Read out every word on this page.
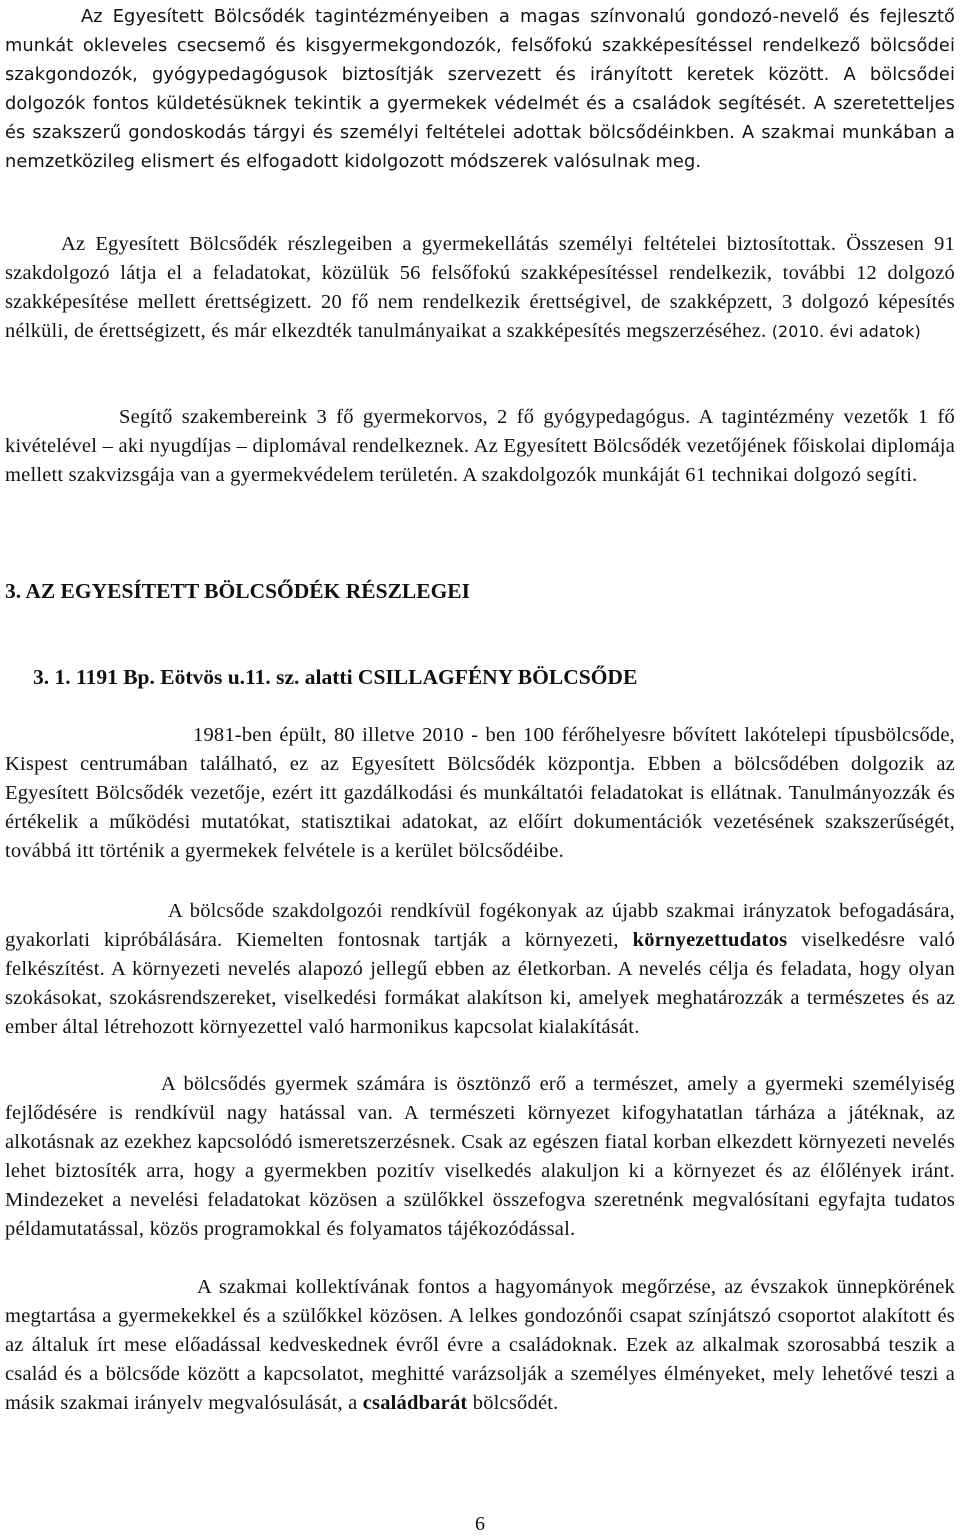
Az Egyesített Bölcsődék tagintézményeiben a magas színvonalú gondozó-nevelő és fejlesztő munkát okleveles csecsemő és kisgyermekgondozók, felsőfokú szakképesítéssel rendelkező bölcsődei szakgondozók, gyógypedagógusok biztosítják szervezett és irányított keretek között. A bölcsődei dolgozók fontos küldetésüknek tekintik a gyermekek védelmét és a családok segítését. A szeretetteljes és szakszerű gondoskodás tárgyi és személyi feltételei adottak bölcsődéinkben. A szakmai munkában a nemzetközileg elismert és elfogadott kidolgozott módszerek valósulnak meg.

Az Egyesített Bölcsődék részlegeiben a gyermekellátás személyi feltételei biztosítottak. Összesen 91 szakdolgozó látja el a feladatokat, közülük 56 felsőfokú szakképesítéssel rendelkezik, további 12 dolgozó szakképesítése mellett érettségizett. 20 fő nem rendelkezik érettségivel, de szakképzett, 3 dolgozó képesítés nélküli, de érettségizett, és már elkezdték tanulmányaikat a szakképesítés megszerzéséhez. (2010. évi adatok)

Segítő szakembereink 3 fő gyermekorvos, 2 fő gyógypedagógus. A tagintézmény vezetők 1 fő kivételével – aki nyugdíjas – diplomával rendelkeznek. Az Egyesített Bölcsődék vezetőjének főiskolai diplomája mellett szakvizsgája van a gyermekvédelem területén. A szakdolgozók munkáját 61 technikai dolgozó segíti.

3. AZ EGYESÍTETT BÖLCSŐDÉK RÉSZLEGEI
3. 1. 1191 Bp. Eötvös u.11. sz. alatti CSILLAGFÉNY BÖLCSŐDE

1981-ben épült, 80 illetve 2010 - ben 100 férőhelyesre bővített lakótelepi típusbölcsőde, Kispest centrumában található, ez az Egyesített Bölcsődék központja. Ebben a bölcsődében dolgozik az Egyesített Bölcsődék vezetője, ezért itt gazdálkodási és munkáltatói feladatokat is ellátnak. Tanulmányozzák és értékelik a működési mutatókat, statisztikai adatokat, az előírt dokumentációk vezetésének szakszerűségét, továbbá itt történik a gyermekek felvétele is a kerület bölcsődéibe.

A bölcsőde szakdolgozói rendkívül fogékonyak az újabb szakmai irányzatok befogadására, gyakorlati kipróbálására. Kiemelten fontosnak tartják a környezeti, környezettudatos viselkedésre való felkészítést. A környezeti nevelés alapozó jellegű ebben az életkorban. A nevelés célja és feladata, hogy olyan szokásokat, szokásrendszereket, viselkedési formákat alakítson ki, amelyek meghatározzák a természetes és az ember által létrehozott környezettel való harmonikus kapcsolat kialakítását.

A bölcsődés gyermek számára is ösztönző erő a természet, amely a gyermeki személyiség fejlődésére is rendkívül nagy hatással van. A természeti környezet kifogyhatatlan tárháza a játéknak, az alkotásnak az ezekhez kapcsolódó ismeretszerzésnek. Csak az egészen fiatal korban elkezdett környezeti nevelés lehet biztosíték arra, hogy a gyermekben pozitív viselkedés alakuljon ki a környezet és az élőlények iránt. Mindezeket a nevelési feladatokat közösen a szülőkkel összefogva szeretnénk megvalósítani egyfajta tudatos példamutatással, közös programokkal és folyamatos tájékozódással.

A szakmai kollektívának fontos a hagyományok megőrzése, az évszakok ünnepkörének megtartása a gyermekekkel és a szülőkkel közösen. A lelkes gondozónői csapat színjátszó csoportot alakított és az általuk írt mese előadással kedveskednek évről évre a családoknak. Ezek az alkalmak szorosabbá teszik a család és a bölcsőde között a kapcsolatot, meghitté varázsolják a személyes élményeket, mely lehetővé teszi a másik szakmai irányelv megvalósulását, a családbarát bölcsődét.

6
